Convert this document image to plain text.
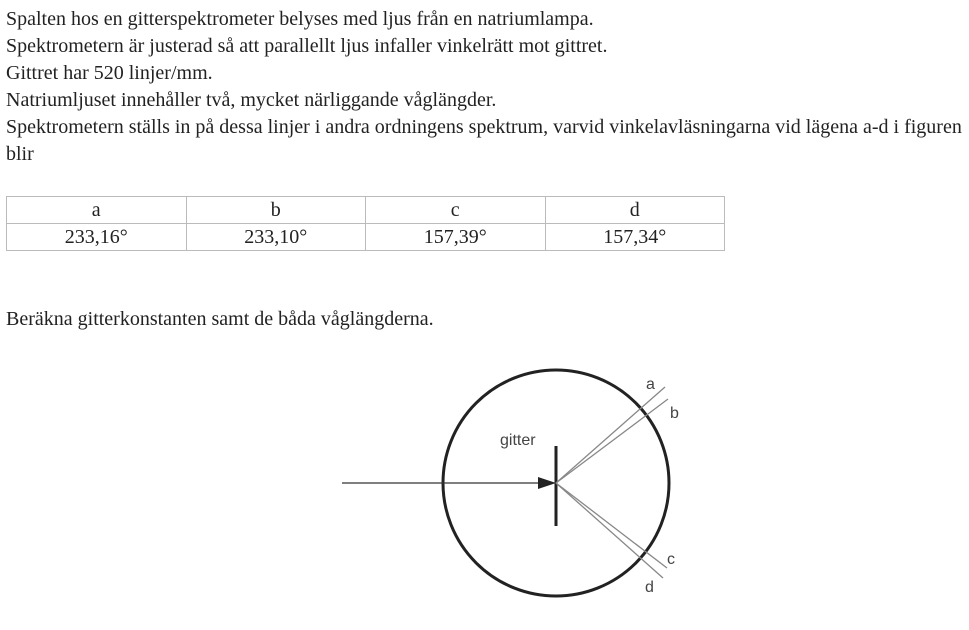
Spalten hos en gitterspektrometer belyses med ljus från en natriumlampa.

Spektrometern är justerad så att parallellt ljus infaller vinkelrätt mot gittret.

Gittret har 520 linjer/mm.

Natriumljuset innehåller två, mycket närliggande våglängder.

Spektrometern ställs in på dessa linjer i andra ordningens spektrum, varvid vinkelavläsningarna vid lägena a-d i figuren blir

a	b	c	d
233,16°	233,10°	157,39°	157,34°

Beräkna gitterkonstanten samt de båda våglängderna.

gitter
a
b
c
d
